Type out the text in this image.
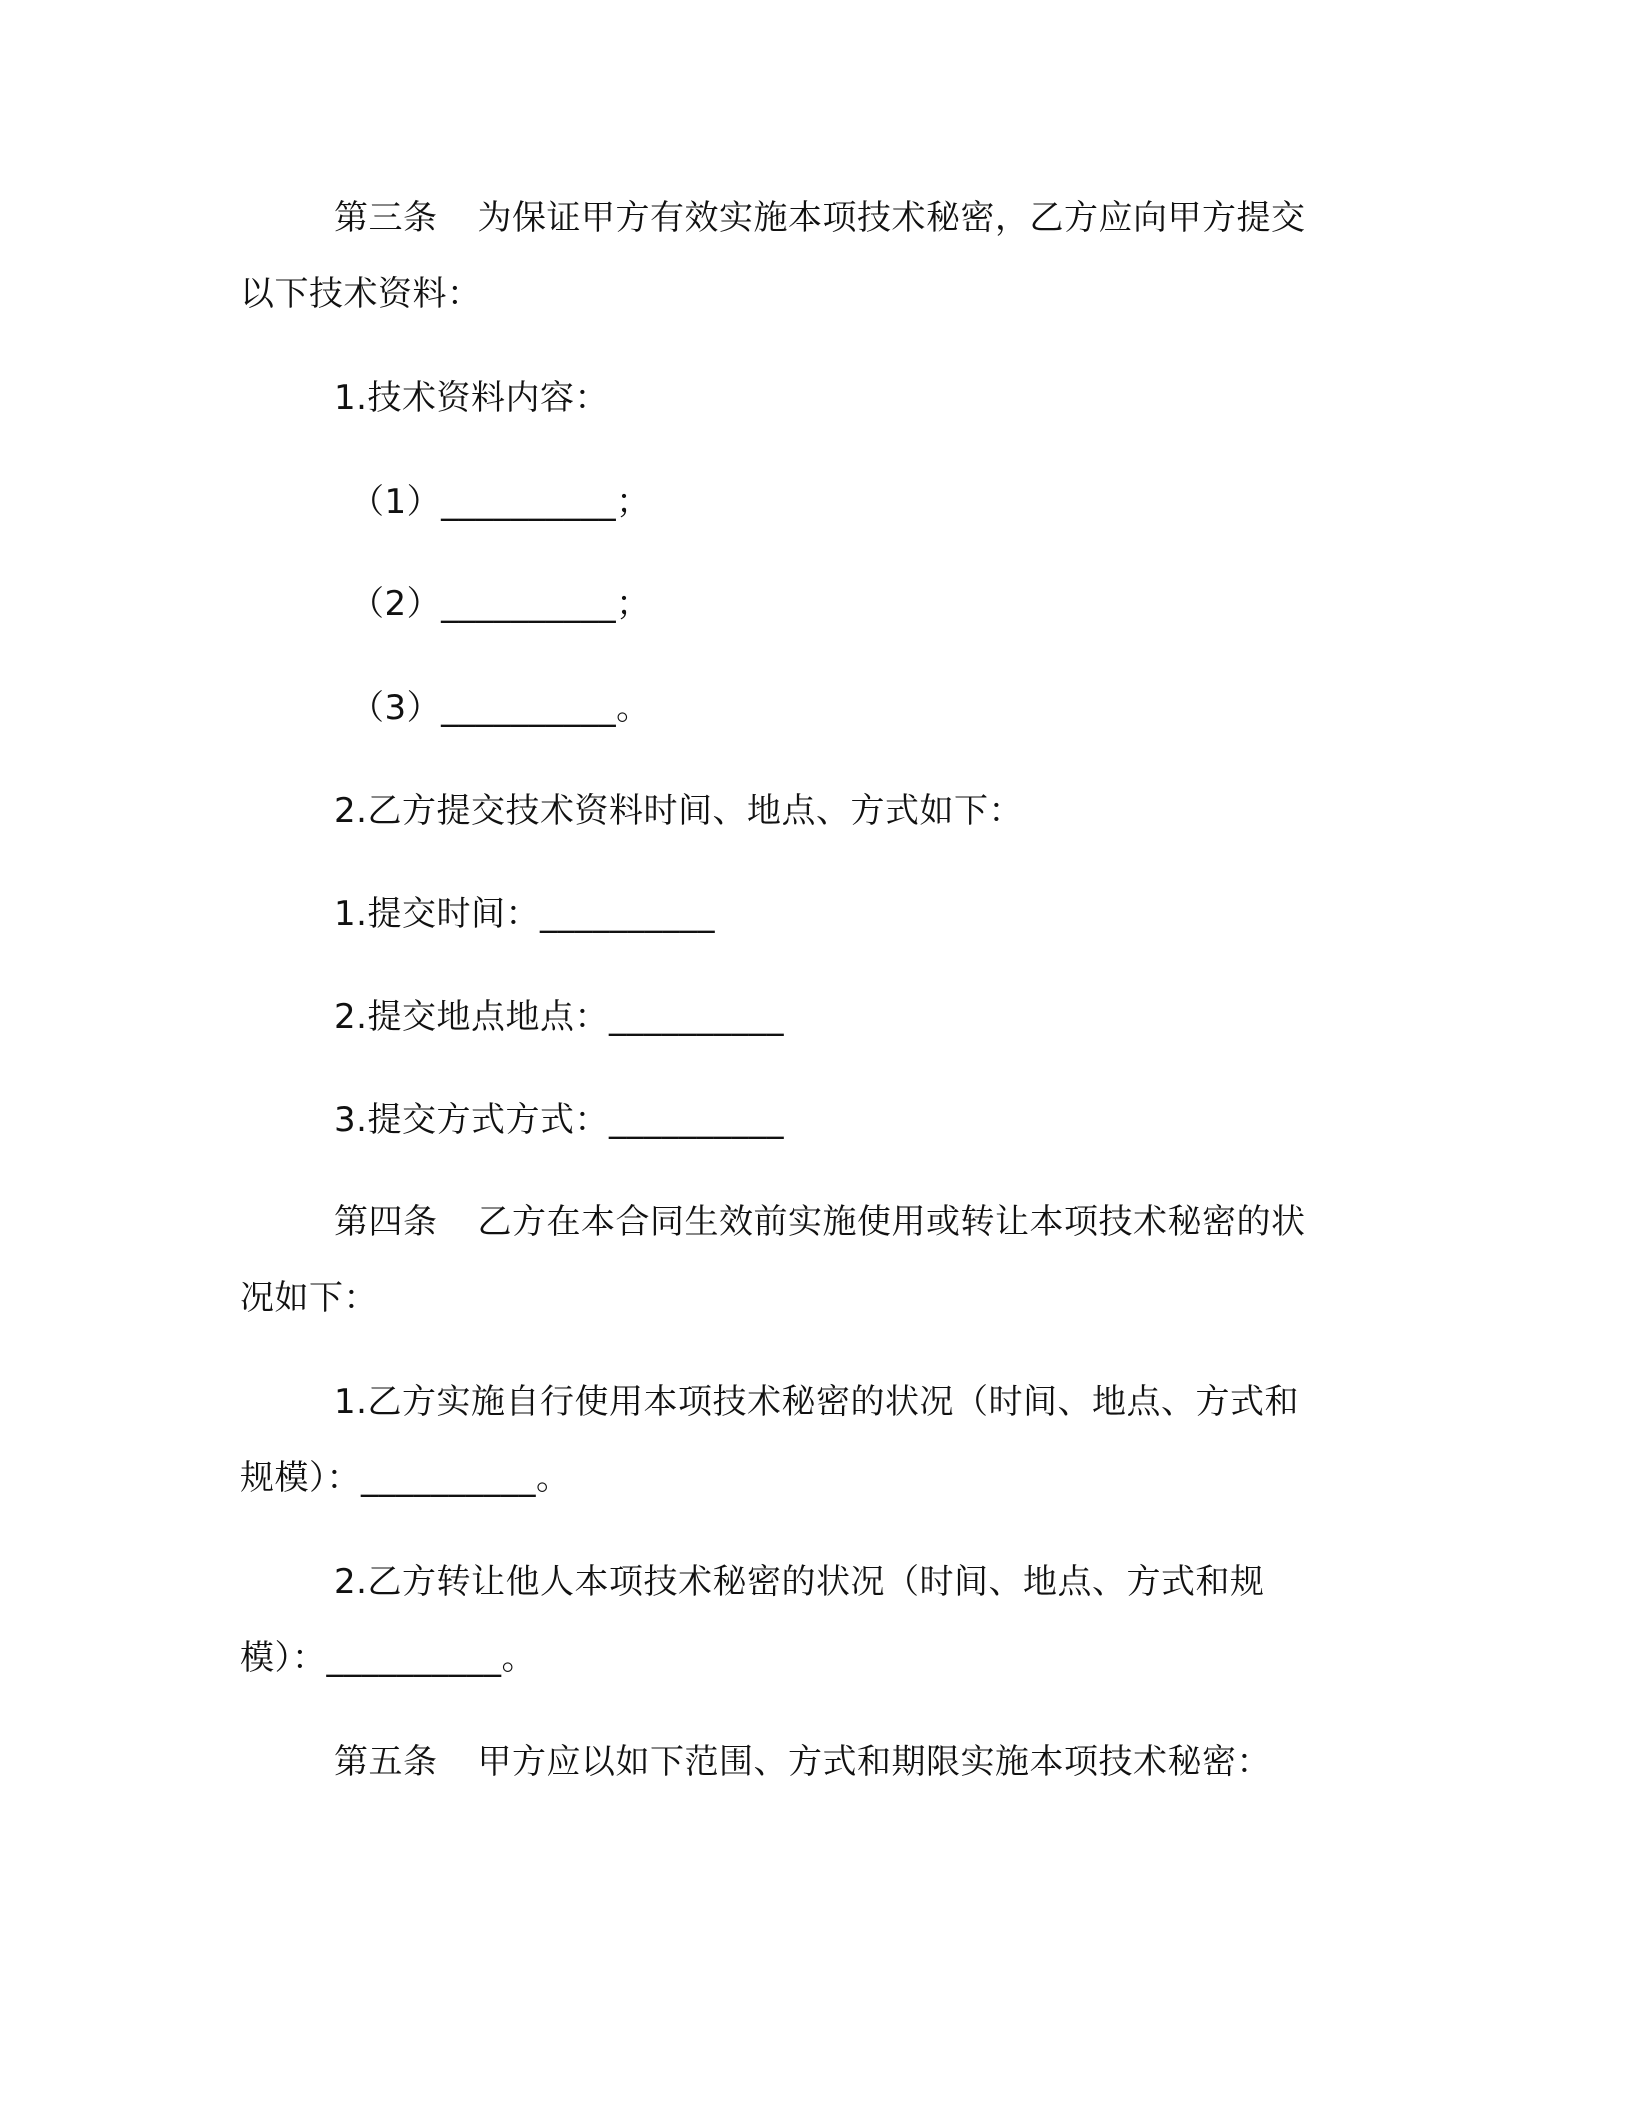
第三条 为保证甲方有效实施本项技术秘密，乙方应向甲方提交
以下技术资料：
1.技术资料内容：
（1）__________；
（2）__________；
（3）__________。
2.乙方提交技术资料时间、地点、方式如下：
1.提交时间：__________
2.提交地点地点：__________
3.提交方式方式：__________
第四条 乙方在本合同生效前实施使用或转让本项技术秘密的状
况如下：
1.乙方实施自行使用本项技术秘密的状况（时间、地点、方式和
规模）：__________。
2.乙方转让他人本项技术秘密的状况（时间、地点、方式和规
模）：__________。
第五条 甲方应以如下范围、方式和期限实施本项技术秘密：
